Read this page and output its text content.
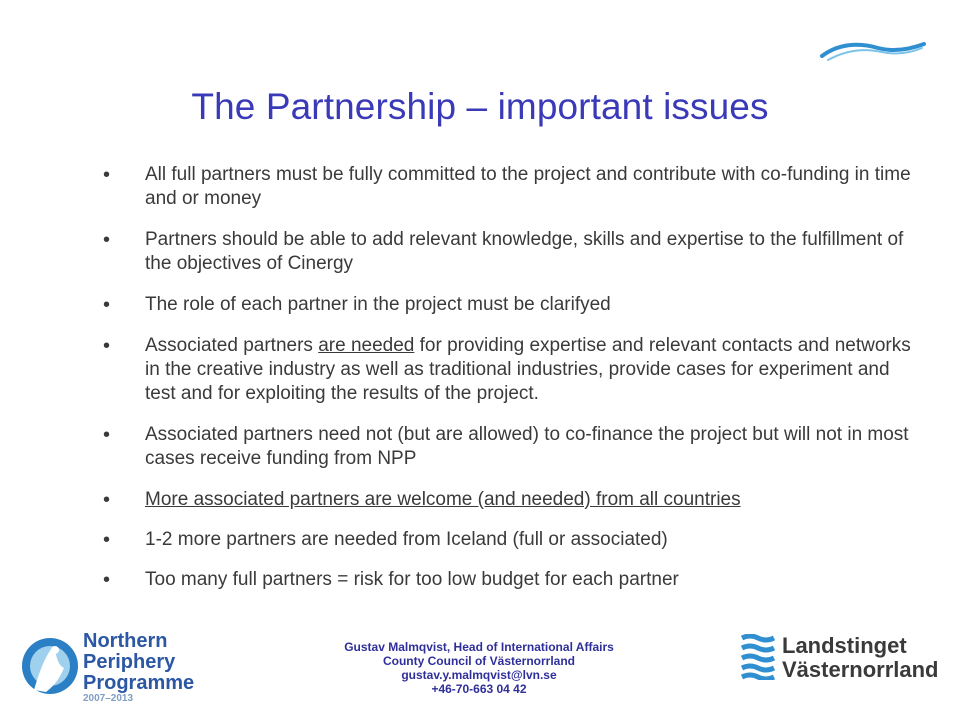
The Partnership – important issues
• All full partners must be fully committed to the project and contribute with co-funding in time and or money
• Partners should be able to add relevant knowledge, skills and expertise to the fulfillment of the objectives of Cinergy
• The role of each partner in the project must be clarifyed
• Associated partners are needed for providing expertise and relevant contacts and networks in the creative industry as well as traditional industries, provide cases for experiment and test and for exploiting the results of the project.
• Associated partners need not (but are allowed) to co-finance the project but will not in most cases receive funding from NPP
• More associated partners are welcome (and needed) from all countries
• 1-2 more partners are needed from Iceland (full or associated)
• Too many full partners = risk for too low budget for each partner
Northern
Periphery
Programme
2007–2013
Gustav Malmqvist, Head of International Affairs
County Council of Västernorrland
gustav.y.malmqvist@lvn.se
+46-70-663 04 42
Landstinget
Västernorrland
